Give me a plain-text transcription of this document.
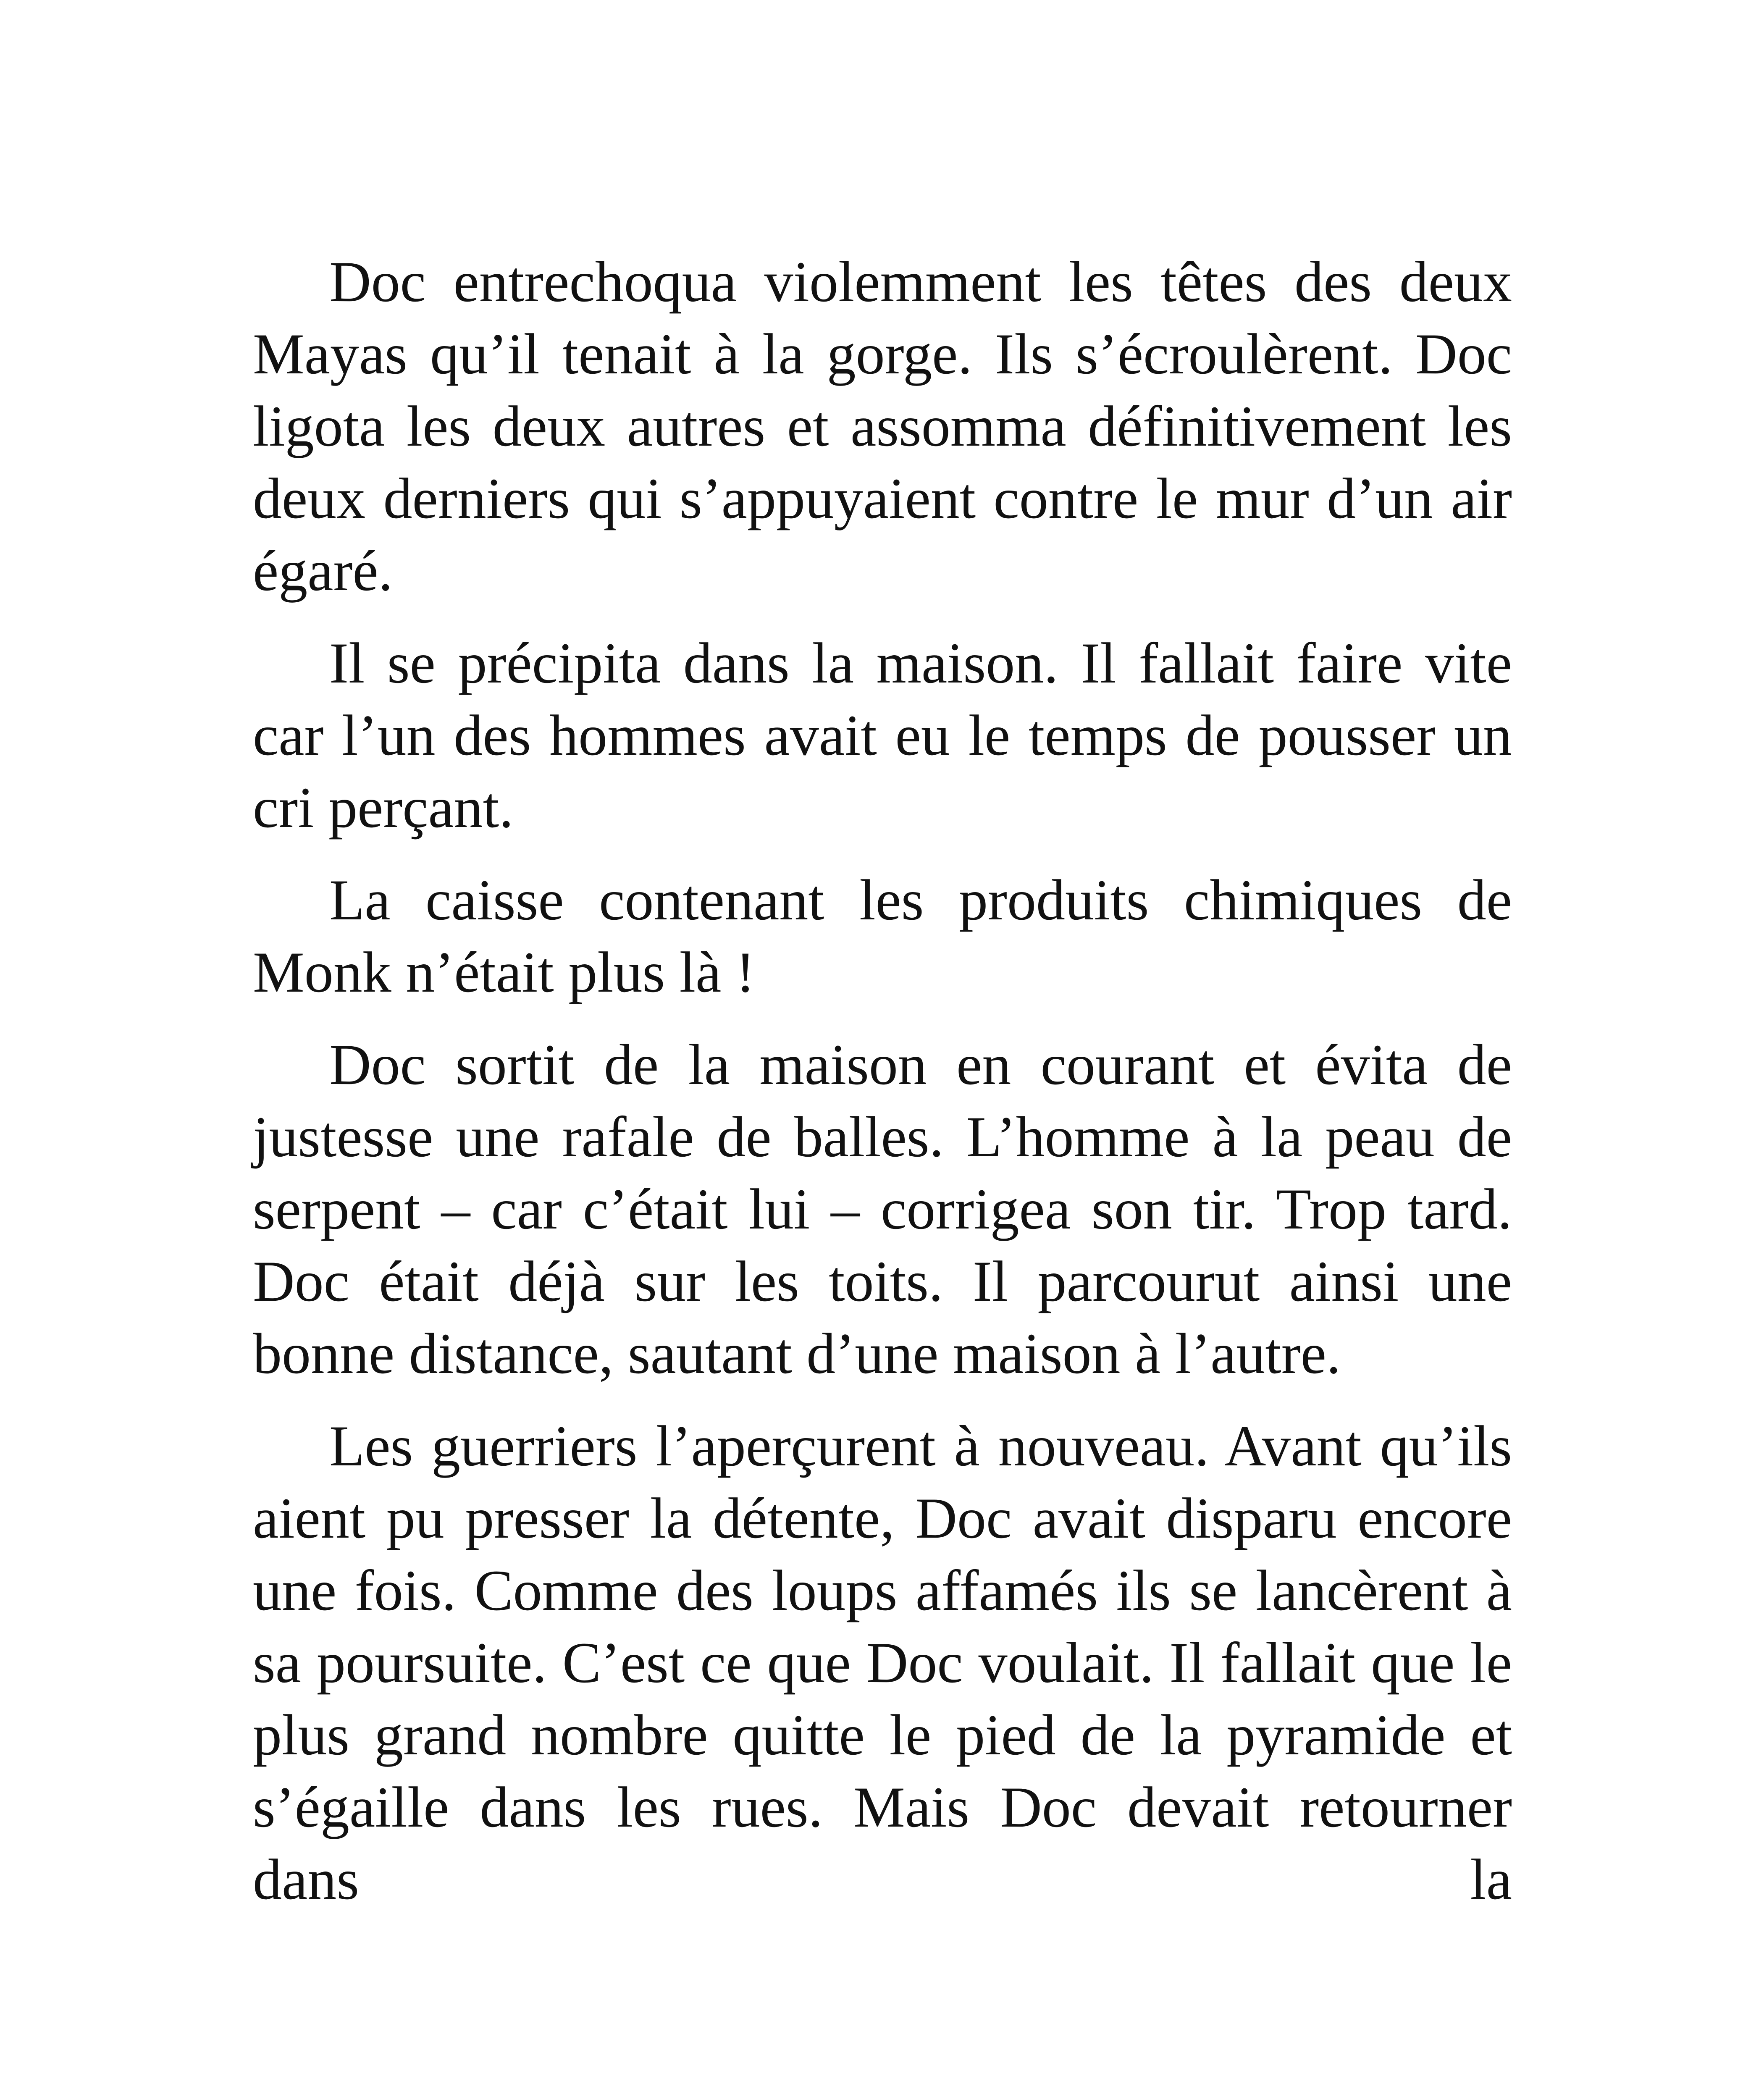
Doc entrechoqua violemment les têtes des deux Mayas qu’il tenait à la gorge. Ils s’écroulèrent. Doc ligota les deux autres et assomma définitivement les deux derniers qui s’appuyaient contre le mur d’un air égaré.

Il se précipita dans la maison. Il fallait faire vite car l’un des hommes avait eu le temps de pousser un cri perçant.

La caisse contenant les produits chimiques de Monk n’était plus là !

Doc sortit de la maison en courant et évita de justesse une rafale de balles. L’homme à la peau de serpent – car c’était lui – corrigea son tir. Trop tard. Doc était déjà sur les toits. Il parcourut ainsi une bonne distance, sautant d’une maison à l’autre.

Les guerriers l’aperçurent à nouveau. Avant qu’ils aient pu presser la détente, Doc avait disparu encore une fois. Comme des loups affamés ils se lancèrent à sa poursuite. C’est ce que Doc voulait. Il fallait que le plus grand nombre quitte le pied de la pyramide et s’égaille dans les rues. Mais Doc devait retourner dans la
